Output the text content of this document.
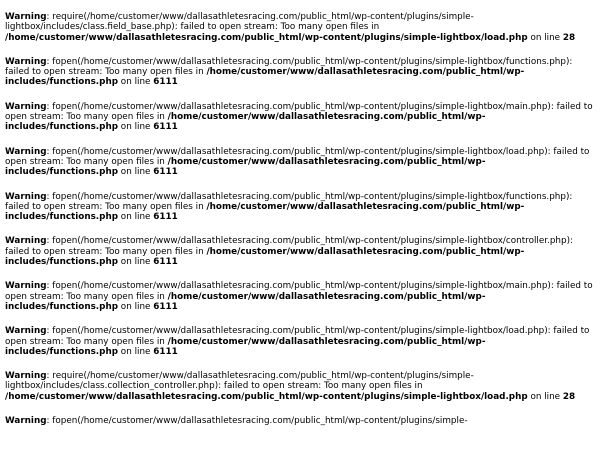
Warning: require(/home/customer/www/dallasathletesracing.com/public_html/wp-content/plugins/simple-lightbox/includes/class.field_base.php): failed to open stream: Too many open files in /home/customer/www/dallasathletesracing.com/public_html/wp-content/plugins/simple-lightbox/load.php on line 28
Warning: fopen(/home/customer/www/dallasathletesracing.com/public_html/wp-content/plugins/simple-lightbox/functions.php): failed to open stream: Too many open files in /home/customer/www/dallasathletesracing.com/public_html/wp-includes/functions.php on line 6111
Warning: fopen(/home/customer/www/dallasathletesracing.com/public_html/wp-content/plugins/simple-lightbox/main.php): failed to open stream: Too many open files in /home/customer/www/dallasathletesracing.com/public_html/wp-includes/functions.php on line 6111
Warning: fopen(/home/customer/www/dallasathletesracing.com/public_html/wp-content/plugins/simple-lightbox/load.php): failed to open stream: Too many open files in /home/customer/www/dallasathletesracing.com/public_html/wp-includes/functions.php on line 6111
Warning: fopen(/home/customer/www/dallasathletesracing.com/public_html/wp-content/plugins/simple-lightbox/functions.php): failed to open stream: Too many open files in /home/customer/www/dallasathletesracing.com/public_html/wp-includes/functions.php on line 6111
Warning: fopen(/home/customer/www/dallasathletesracing.com/public_html/wp-content/plugins/simple-lightbox/controller.php): failed to open stream: Too many open files in /home/customer/www/dallasathletesracing.com/public_html/wp-includes/functions.php on line 6111
Warning: fopen(/home/customer/www/dallasathletesracing.com/public_html/wp-content/plugins/simple-lightbox/main.php): failed to open stream: Too many open files in /home/customer/www/dallasathletesracing.com/public_html/wp-includes/functions.php on line 6111
Warning: fopen(/home/customer/www/dallasathletesracing.com/public_html/wp-content/plugins/simple-lightbox/load.php): failed to open stream: Too many open files in /home/customer/www/dallasathletesracing.com/public_html/wp-includes/functions.php on line 6111
Warning: require(/home/customer/www/dallasathletesracing.com/public_html/wp-content/plugins/simple-lightbox/includes/class.collection_controller.php): failed to open stream: Too many open files in /home/customer/www/dallasathletesracing.com/public_html/wp-content/plugins/simple-lightbox/load.php on line 28
Warning: fopen(/home/customer/www/dallasathletesracing.com/public_html/wp-content/plugins/simple-
